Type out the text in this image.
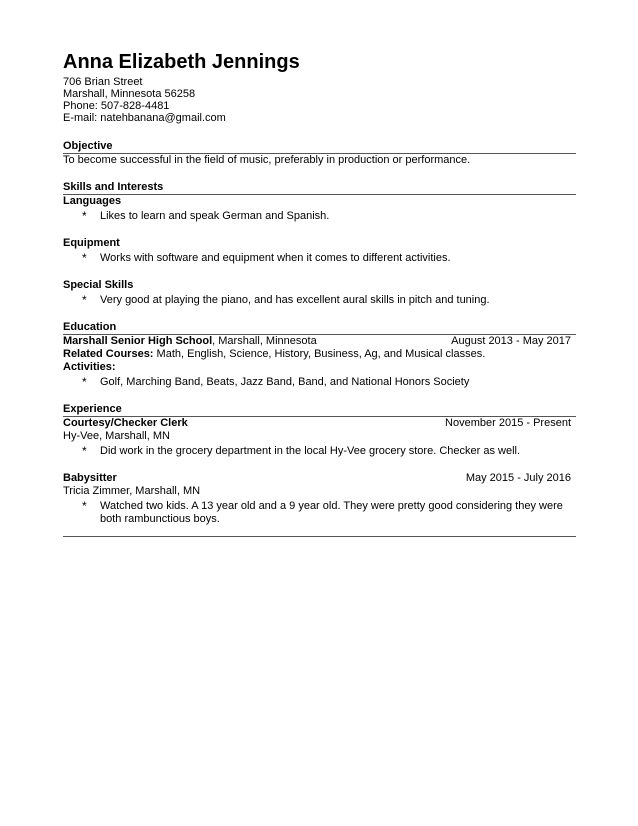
Anna Elizabeth Jennings
706 Brian Street
Marshall, Minnesota 56258
Phone: 507-828-4481
E-mail: natehbanana@gmail.com
Objective
To become successful in the field of music, preferably in production or performance.
Skills and Interests
Languages
*	Likes to learn and speak German and Spanish.
Equipment
*	Works with software and equipment when it comes to different activities.
Special Skills
*	Very good at playing the piano, and has excellent aural skills in pitch and tuning.
Education
Marshall Senior High School, Marshall, Minnesota	August 2013 - May 2017
Related Courses: Math, English, Science, History, Business, Ag, and Musical classes.
Activities:
*	Golf, Marching Band, Beats, Jazz Band, Band, and National Honors Society
Experience
Courtesy/Checker Clerk	November 2015 - Present
Hy-Vee, Marshall, MN
*	Did work in the grocery department in the local Hy-Vee grocery store. Checker as well.
Babysitter	May 2015 - July 2016
Tricia Zimmer, Marshall, MN
*	Watched two kids. A 13 year old and a 9 year old. They were pretty good considering they were both rambunctious boys.
